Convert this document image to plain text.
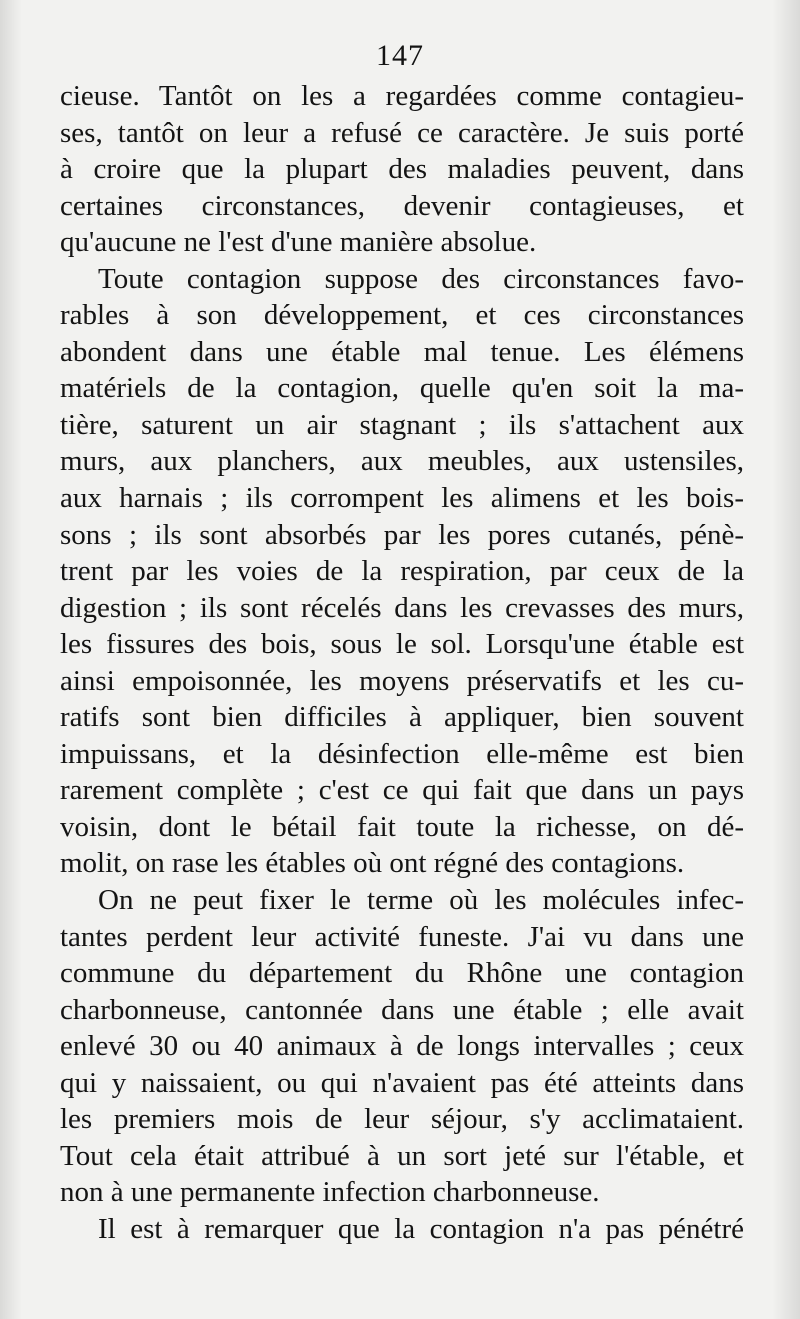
147
cieuse. Tantôt on les a regardées comme contagieu-
ses, tantôt on leur a refusé ce caractère. Je suis porté
à croire que la plupart des maladies peuvent, dans
certaines circonstances, devenir contagieuses, et
qu'aucune ne l'est d'une manière absolue.
Toute contagion suppose des circonstances favo-
rables à son développement, et ces circonstances
abondent dans une étable mal tenue. Les élémens
matériels de la contagion, quelle qu'en soit la ma-
tière, saturent un air stagnant ; ils s'attachent aux
murs, aux planchers, aux meubles, aux ustensiles,
aux harnais ; ils corrompent les alimens et les bois-
sons ; ils sont absorbés par les pores cutanés, pénè-
trent par les voies de la respiration, par ceux de la
digestion ; ils sont récelés dans les crevasses des murs,
les fissures des bois, sous le sol. Lorsqu'une étable est
ainsi empoisonnée, les moyens préservatifs et les cu-
ratifs sont bien difficiles à appliquer, bien souvent
impuissans, et la désinfection elle-même est bien
rarement complète ; c'est ce qui fait que dans un pays
voisin, dont le bétail fait toute la richesse, on dé-
molit, on rase les étables où ont régné des contagions.
On ne peut fixer le terme où les molécules infec-
tantes perdent leur activité funeste. J'ai vu dans une
commune du département du Rhône une contagion
charbonneuse, cantonnée dans une étable ; elle avait
enlevé 30 ou 40 animaux à de longs intervalles ; ceux
qui y naissaient, ou qui n'avaient pas été atteints dans
les premiers mois de leur séjour, s'y acclimataient.
Tout cela était attribué à un sort jeté sur l'étable, et
non à une permanente infection charbonneuse.
Il est à remarquer que la contagion n'a pas pénétré
